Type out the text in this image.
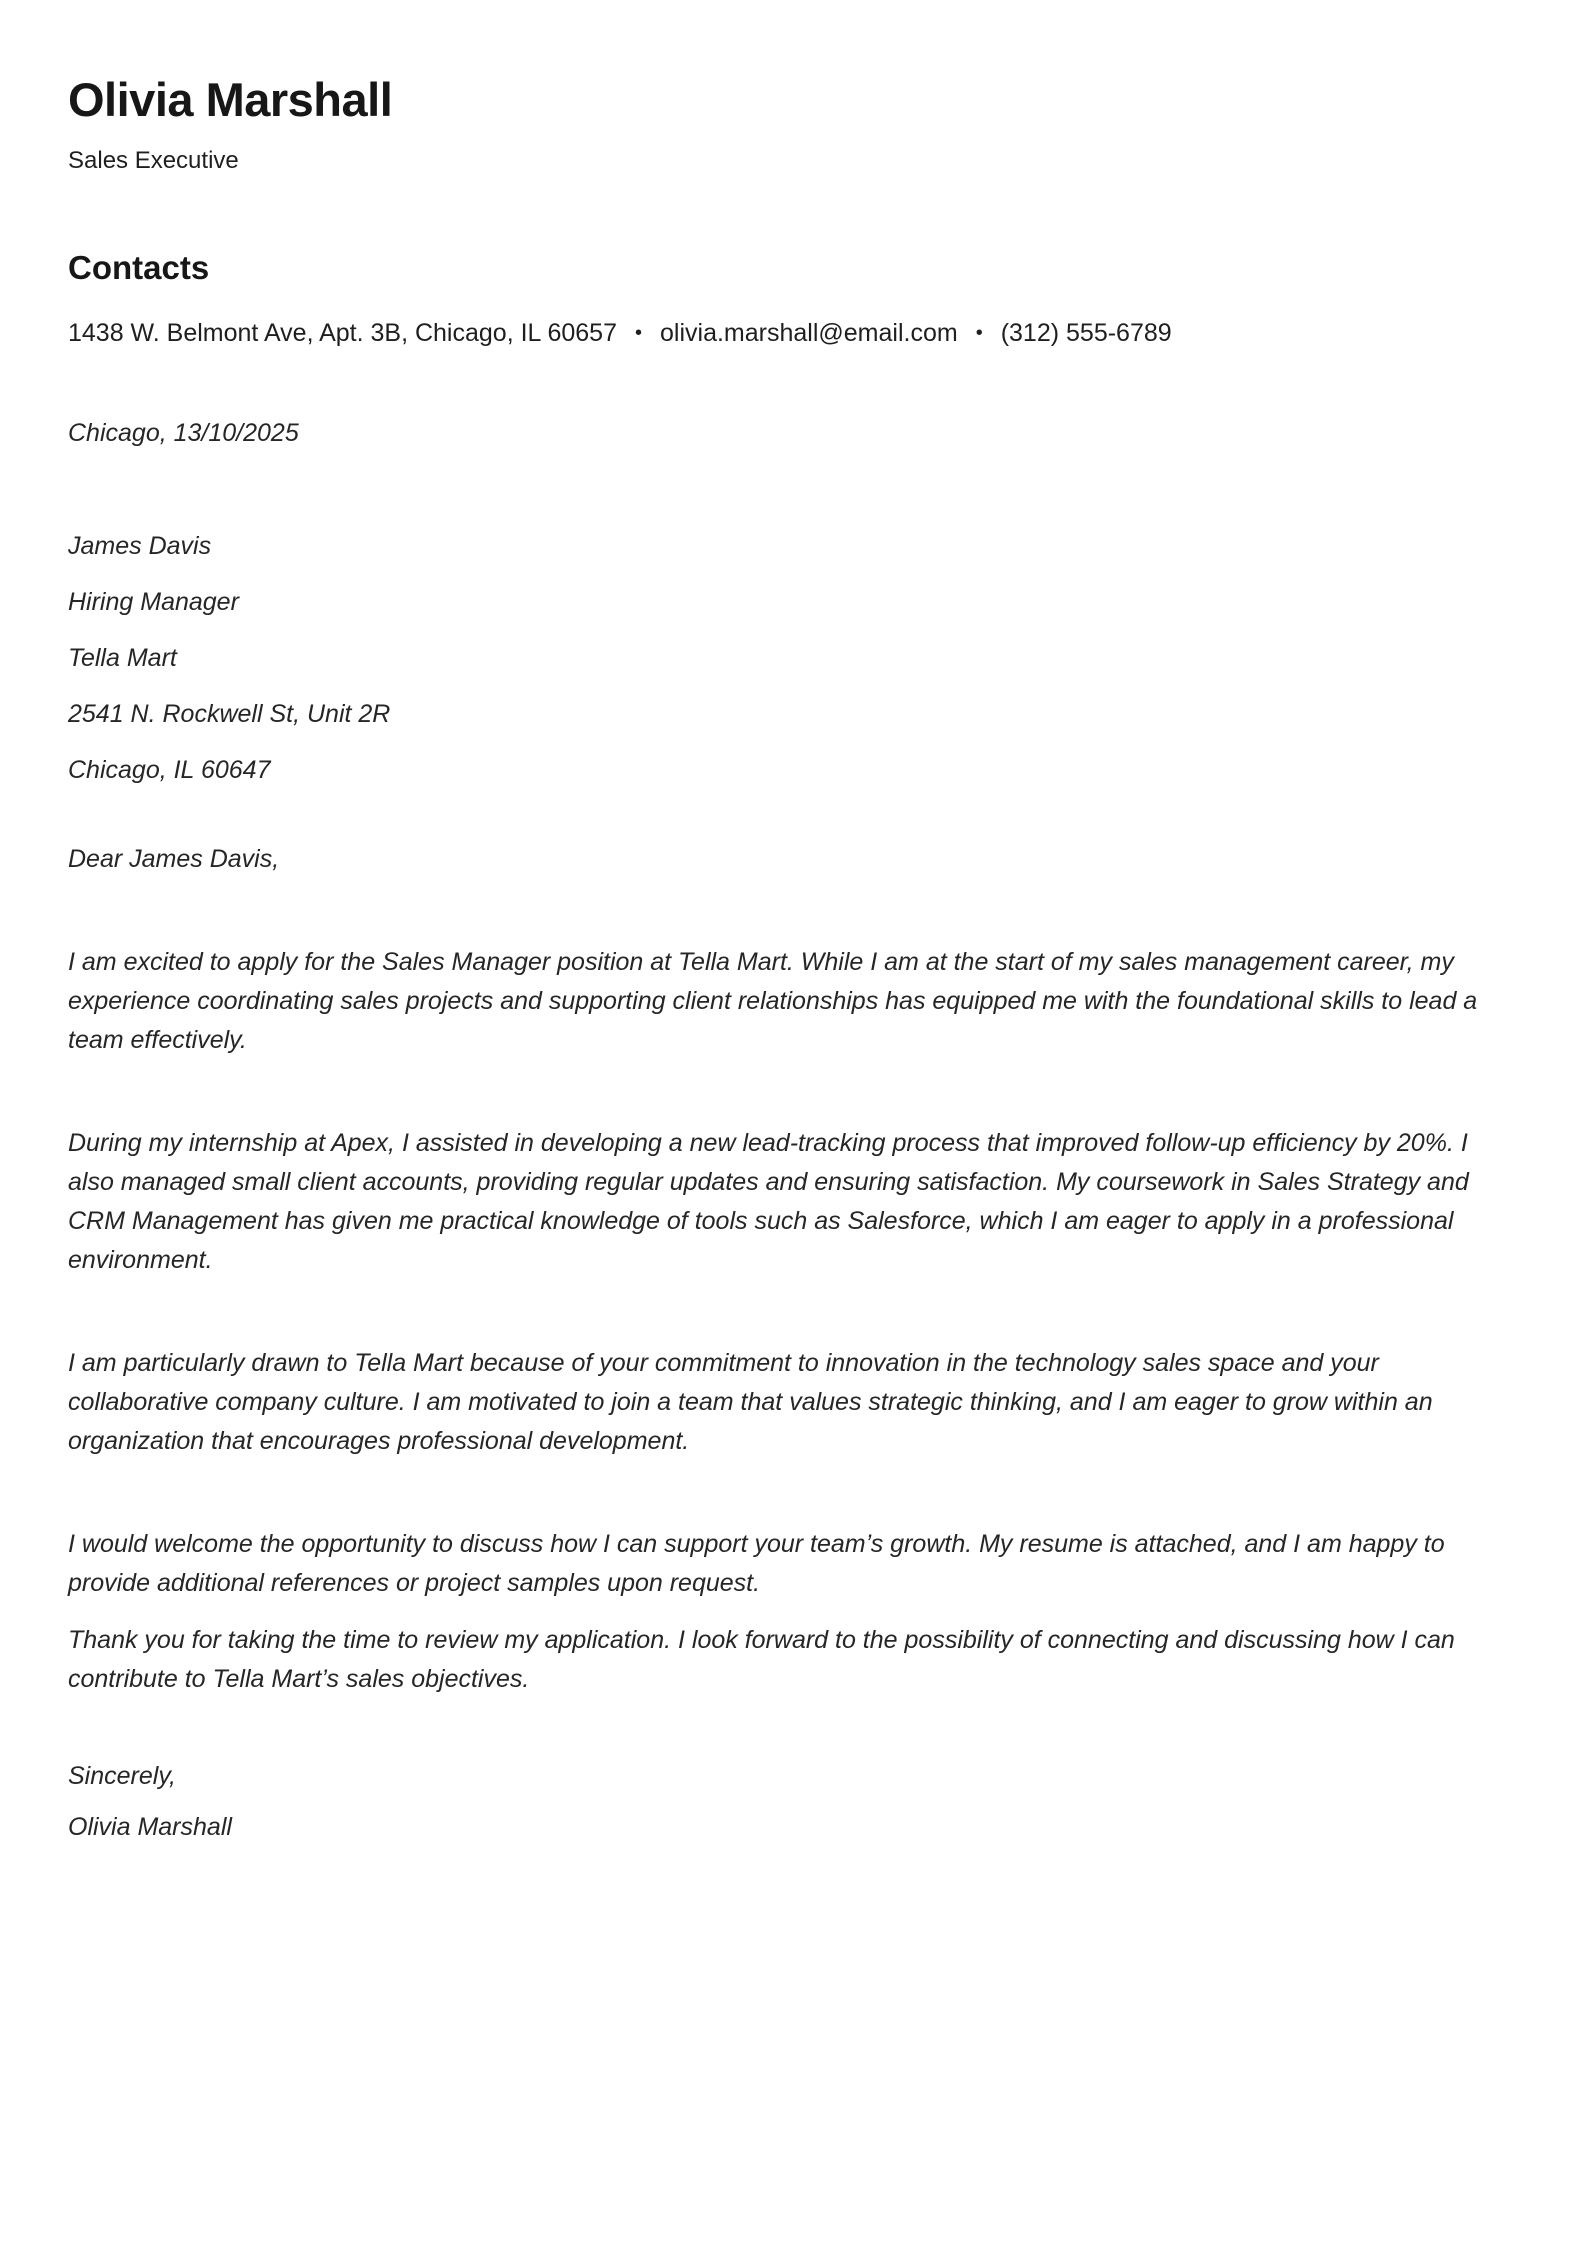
Olivia Marshall
Sales Executive
Contacts
1438 W. Belmont Ave, Apt. 3B, Chicago, IL 60657 • olivia.marshall@email.com • (312) 555-6789

Chicago, 13/10/2025

James Davis

Hiring Manager

Tella Mart

2541 N. Rockwell St, Unit 2R

Chicago, IL 60647

Dear James Davis,

I am excited to apply for the Sales Manager position at Tella Mart. While I am at the start of my sales management career, my experience coordinating sales projects and supporting client relationships has equipped me with the foundational skills to lead a team effectively.

During my internship at Apex, I assisted in developing a new lead-tracking process that improved follow-up efficiency by 20%. I also managed small client accounts, providing regular updates and ensuring satisfaction. My coursework in Sales Strategy and CRM Management has given me practical knowledge of tools such as Salesforce, which I am eager to apply in a professional environment.

I am particularly drawn to Tella Mart because of your commitment to innovation in the technology sales space and your collaborative company culture. I am motivated to join a team that values strategic thinking, and I am eager to grow within an organization that encourages professional development.

I would welcome the opportunity to discuss how I can support your team’s growth. My resume is attached, and I am happy to provide additional references or project samples upon request.

Thank you for taking the time to review my application. I look forward to the possibility of connecting and discussing how I can contribute to Tella Mart’s sales objectives.

Sincerely,

Olivia Marshall
